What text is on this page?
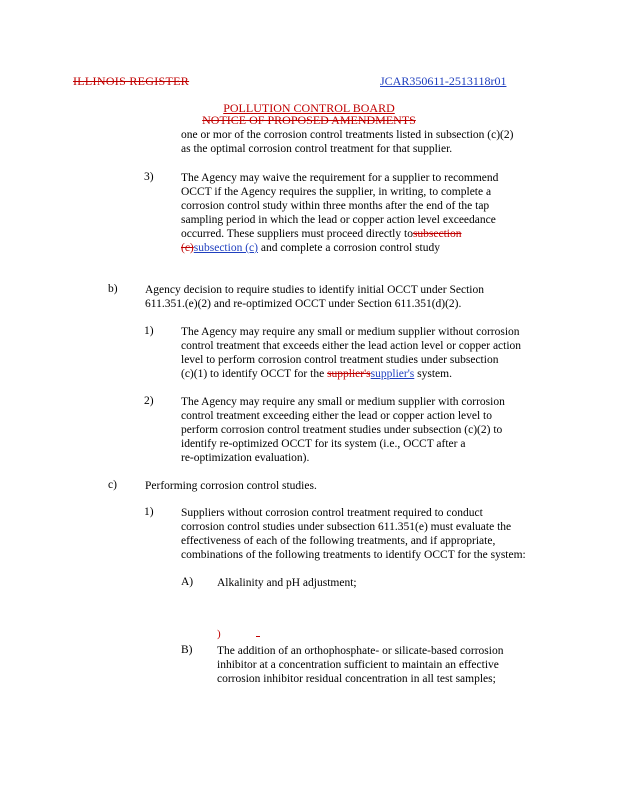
ILLINOIS REGISTER	JCAR350611-2513118r01
POLLUTION CONTROL BOARD
NOTICE OF PROPOSED AMENDMENTS
one or mor of the corrosion control treatments listed in subsection (c)(2)
as the optimal corrosion control treatment for that supplier.
3) The Agency may waive the requirement for a supplier to recommend
OCCT if the Agency requires the supplier, in writing, to complete a
corrosion control study within three months after the end of the tap
sampling period in which the lead or copper action level exceedance
occurred. These suppliers must proceed directly tosubsection
(c)subsection (c) and complete a corrosion control study
b) Agency decision to require studies to identify initial OCCT under Section
611.351.(e)(2) and re-optimized OCCT under Section 611.351(d)(2).
1) The Agency may require any small or medium supplier without corrosion
control treatment that exceeds either the lead action level or copper action
level to perform corrosion control treatment studies under subsection
(c)(1) to identify OCCT for the supplier'ssupplier's system.
2) The Agency may require any small or medium supplier with corrosion
control treatment exceeding either the lead or copper action level to
perform corrosion control treatment studies under subsection (c)(2) to
identify re-optimized OCCT for its system (i.e., OCCT after a
re-optimization evaluation).
c) Performing corrosion control studies.
1) Suppliers without corrosion control treatment required to conduct
corrosion control studies under subsection 611.351(e) must evaluate the
effectiveness of each of the following treatments, and if appropriate,
combinations of the following treatments to identify OCCT for the system:
A) Alkalinity and pH adjustment;
)
B) The addition of an orthophosphate- or silicate-based corrosion
inhibitor at a concentration sufficient to maintain an effective
corrosion inhibitor residual concentration in all test samples;
